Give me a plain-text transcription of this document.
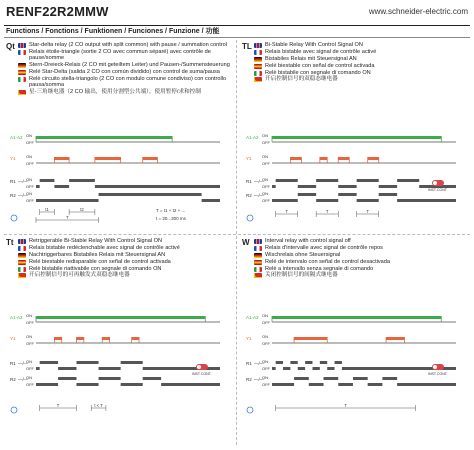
RENF22R2MMW	www.schneider-electric.com
Functions / Fonctions / Funktionen / Funciones / Funzione / 功能
Qt	Star-delta relay (2 CO output with split common) with pause / summation control
Relais étoile-triangle (sortie 2 CO avec commun séparé) avec contrôle de pause/somme
Stern-Dreieck-Relais (2 CO mit geteiltem Leiter) und Pausen-/Summensteuerung
Relé Star-Delta (salida 2 CO con común dividido) con control de suma/pausa
Relè circuito stella-triangolo (2 CO con modulo comune condiviso) con controllo pausa/somma
星-三角继电器（2 CO 输出，使用分割型公共端），使用暂停/求和控制
A1-A2 ON
OFF
Y1	ON
OFF
R1 —/—
ON
OFF
R2 —/—
ON
OFF
t1	t2
T
T = t1 + t2 + ...
t = 20...300 ms
TL Bi-Stable Relay With Control Signal ON
Relais bistable avec signal de contrôle activé
Bistabiles Relais mit Steuersignal AN
Relé biestable con señal de control activada
Relè bistabile con segnale di comando ON
开启控制信号的双稳态继电器
A1-A2 ON
OFF
Y1	ON
OFF
R1 —/—
ON
OFF
R2 —/—
ON
OFF
T	T	T
INST. CONT.
Tt	Retriggerable Bi-Stable Relay With Control Signal ON
Relais bistable redéclenchable avec signal de contrôle activé
Nachtriggerbares Bistabiles Relais mit Steuersignal AN
Relé biestable redisparable con señal de control activada
Relè bistabile riattivabile con segnale di comando ON
开启控制信号的可再触发式双稳态继电器
A1-A2 ON
OFF
Y1	ON
OFF
R1 —/—
ON
OFF
R2 —/—
ON
OFF
T	t < T
INST. CONT.
W	Interval relay with control signal off
Relais d'intervalle avec signal de contrôle repos
Wischrelais ohne Steuersignal
Relé de intervalo con señal de control desactivada
Relè a intervallo senza segnale di comando
关闭控制信号的间隔式继电器
A1-A2 ON
OFF
Y1	ON
OFF
R1 —/—
ON
OFF
R2 —/—
ON
OFF
T
INST. CONT.
